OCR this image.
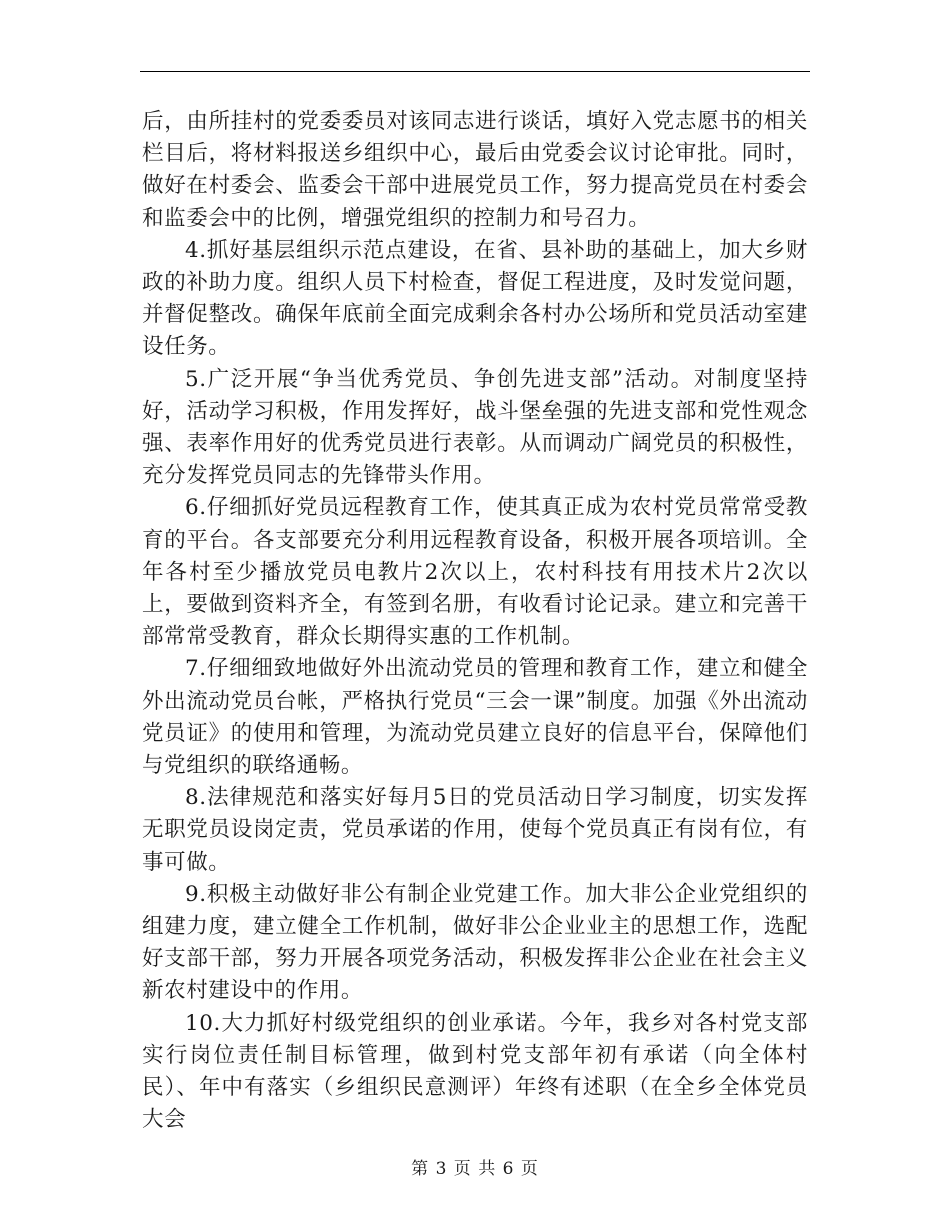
后，由所挂村的党委委员对该同志进行谈话，填好入党志愿书的相关栏目后，将材料报送乡组织中心，最后由党委会议讨论审批。同时，做好在村委会、监委会干部中进展党员工作，努力提高党员在村委会和监委会中的比例，增强党组织的控制力和号召力。

4.抓好基层组织示范点建设，在省、县补助的基础上，加大乡财政的补助力度。组织人员下村检查，督促工程进度，及时发觉问题，并督促整改。确保年底前全面完成剩余各村办公场所和党员活动室建设任务。

5.广泛开展“争当优秀党员、争创先进支部”活动。对制度坚持好，活动学习积极，作用发挥好，战斗堡垒强的先进支部和党性观念强、表率作用好的优秀党员进行表彰。从而调动广阔党员的积极性，充分发挥党员同志的先锋带头作用。

6.仔细抓好党员远程教育工作，使其真正成为农村党员常常受教育的平台。各支部要充分利用远程教育设备，积极开展各项培训。全年各村至少播放党员电教片2次以上，农村科技有用技术片2次以上，要做到资料齐全，有签到名册，有收看讨论记录。建立和完善干部常常受教育，群众长期得实惠的工作机制。

7.仔细细致地做好外出流动党员的管理和教育工作，建立和健全外出流动党员台帐，严格执行党员“三会一课”制度。加强《外出流动党员证》的使用和管理，为流动党员建立良好的信息平台，保障他们与党组织的联络通畅。

8.法律规范和落实好每月5日的党员活动日学习制度，切实发挥无职党员设岗定责，党员承诺的作用，使每个党员真正有岗有位，有事可做。

9.积极主动做好非公有制企业党建工作。加大非公企业党组织的组建力度，建立健全工作机制，做好非公企业业主的思想工作，选配好支部干部，努力开展各项党务活动，积极发挥非公企业在社会主义新农村建设中的作用。

10.大力抓好村级党组织的创业承诺。今年，我乡对各村党支部实行岗位责任制目标管理，做到村党支部年初有承诺（向全体村民）、年中有落实（乡组织民意测评）年终有述职（在全乡全体党员大会

第 3 页 共 6 页
